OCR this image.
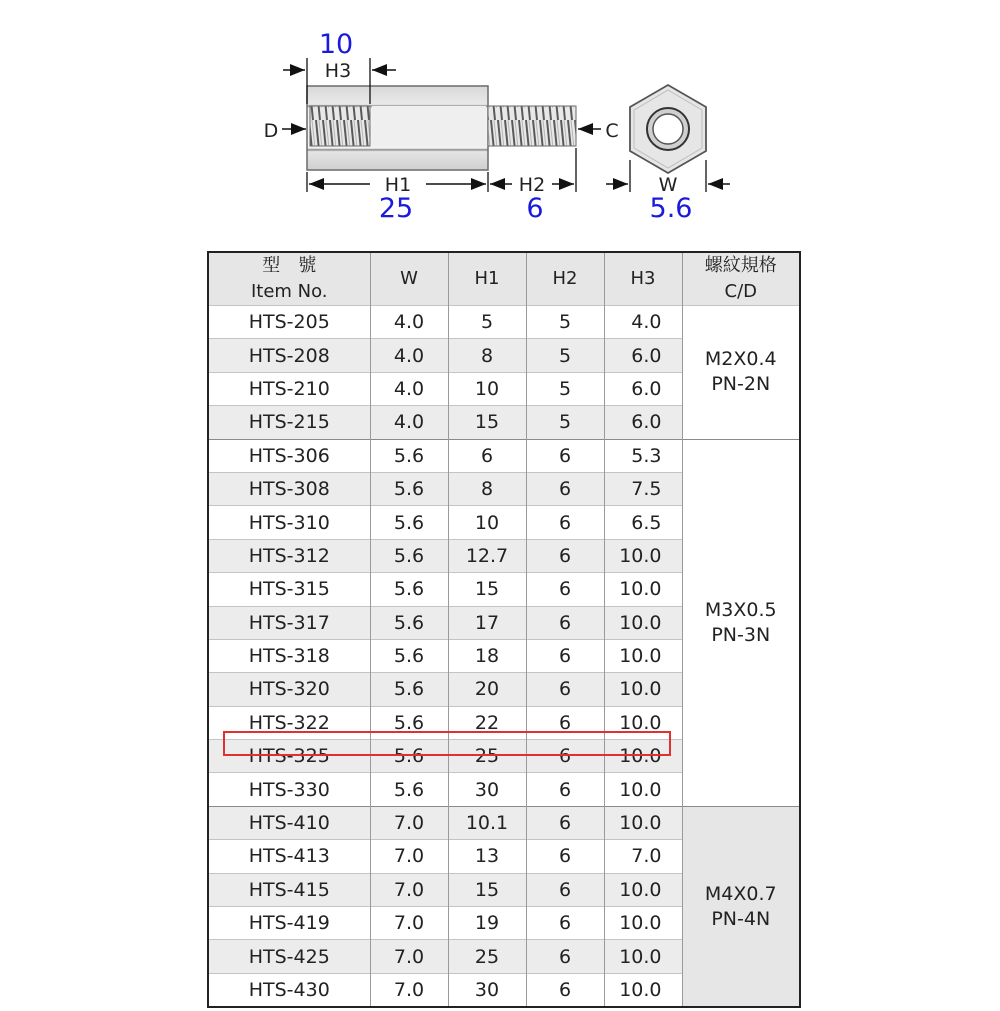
10
H3
D	C
H1	H2
25	6
W
5.6
型　號
Item No.	W	H1	H2	H3	螺紋規格
C/D

HTS-205	4.0	5	5	4.0	M2X0.4
PN-2N

HTS-208	4.0	8	5	6.0	
HTS-210	4.0	10	5	6.0	
HTS-215	4.0	15	5	6.0	
HTS-306	5.6	6	6	5.3	M3X0.5
PN-3N

HTS-308	5.6	8	6	7.5	
HTS-310	5.6	10	6	6.5	
HTS-312	5.6	12.7	6	10.0	
HTS-315	5.6	15	6	10.0	
HTS-317	5.6	17	6	10.0	
HTS-318	5.6	18	6	10.0	
HTS-320	5.6	20	6	10.0	
HTS-322	5.6	22	6	10.0	
HTS-325	5.6	25	6	10.0	
HTS-330	5.6	30	6	10.0	
HTS-410	7.0	10.1	6	10.0	M4X0.7
PN-4N

HTS-413	7.0	13	6	7.0	
HTS-415	7.0	15	6	10.0	
HTS-419	7.0	19	6	10.0	
HTS-425	7.0	25	6	10.0	
HTS-430	7.0	30	6	10.0	
